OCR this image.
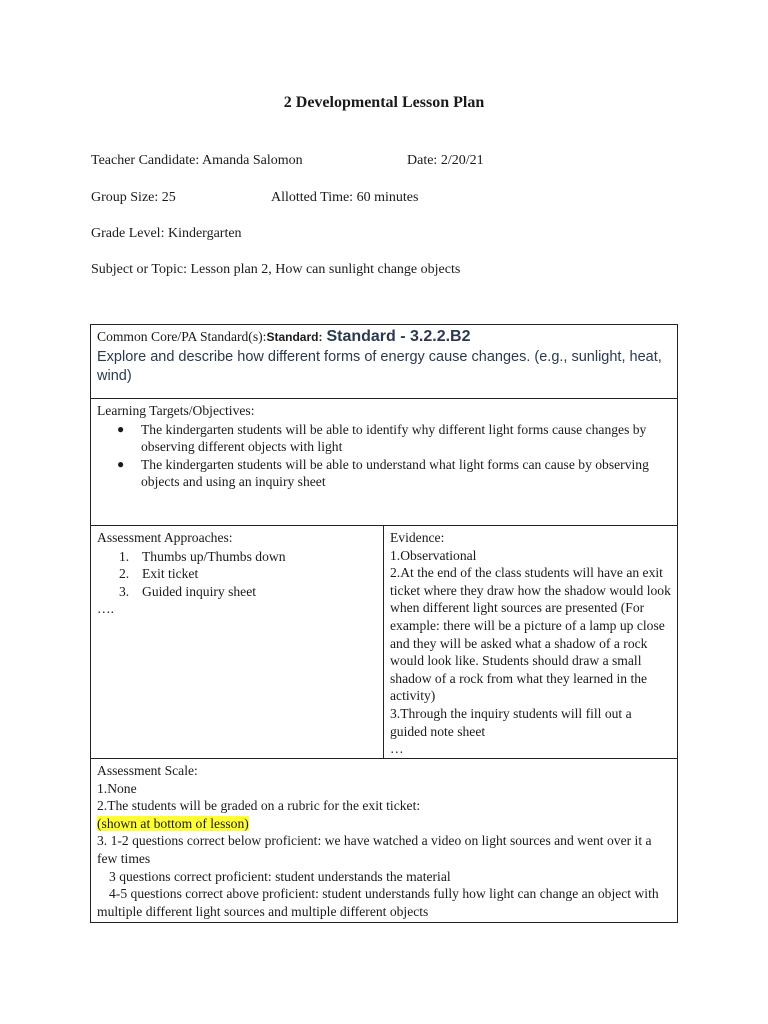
2 Developmental Lesson Plan
Teacher Candidate: Amanda Salomon	Date: 2/20/21
Group Size: 25	Allotted Time: 60 minutes
Grade Level: Kindergarten
Subject or Topic: Lesson plan 2, How can sunlight change objects
Common Core/PA Standard(s):Standard: Standard - 3.2.2.B2
Explore and describe how different forms of energy cause changes. (e.g., sunlight, heat, wind)
Learning Targets/Objectives:
● The kindergarten students will be able to identify why different light forms cause changes by observing different objects with light
● The kindergarten students will be able to understand what light forms can cause by observing objects and using an inquiry sheet
Assessment Approaches:
1. Thumbs up/Thumbs down
2. Exit ticket
3. Guided inquiry sheet
….
Evidence:
1.Observational
2.At the end of the class students will have an exit ticket where they draw how the shadow would look when different light sources are presented (For example: there will be a picture of a lamp up close and they will be asked what a shadow of a rock would look like. Students should draw a small shadow of a rock from what they learned in the activity)
3.Through the inquiry students will fill out a guided note sheet
…
Assessment Scale:
1.None
2.The students will be graded on a rubric for the exit ticket:
(shown at bottom of lesson)
3. 1-2 questions correct below proficient: we have watched a video on light sources and went over it a few times
3 questions correct proficient: student understands the material
4-5 questions correct above proficient: student understands fully how light can change an object with multiple different light sources and multiple different objects
